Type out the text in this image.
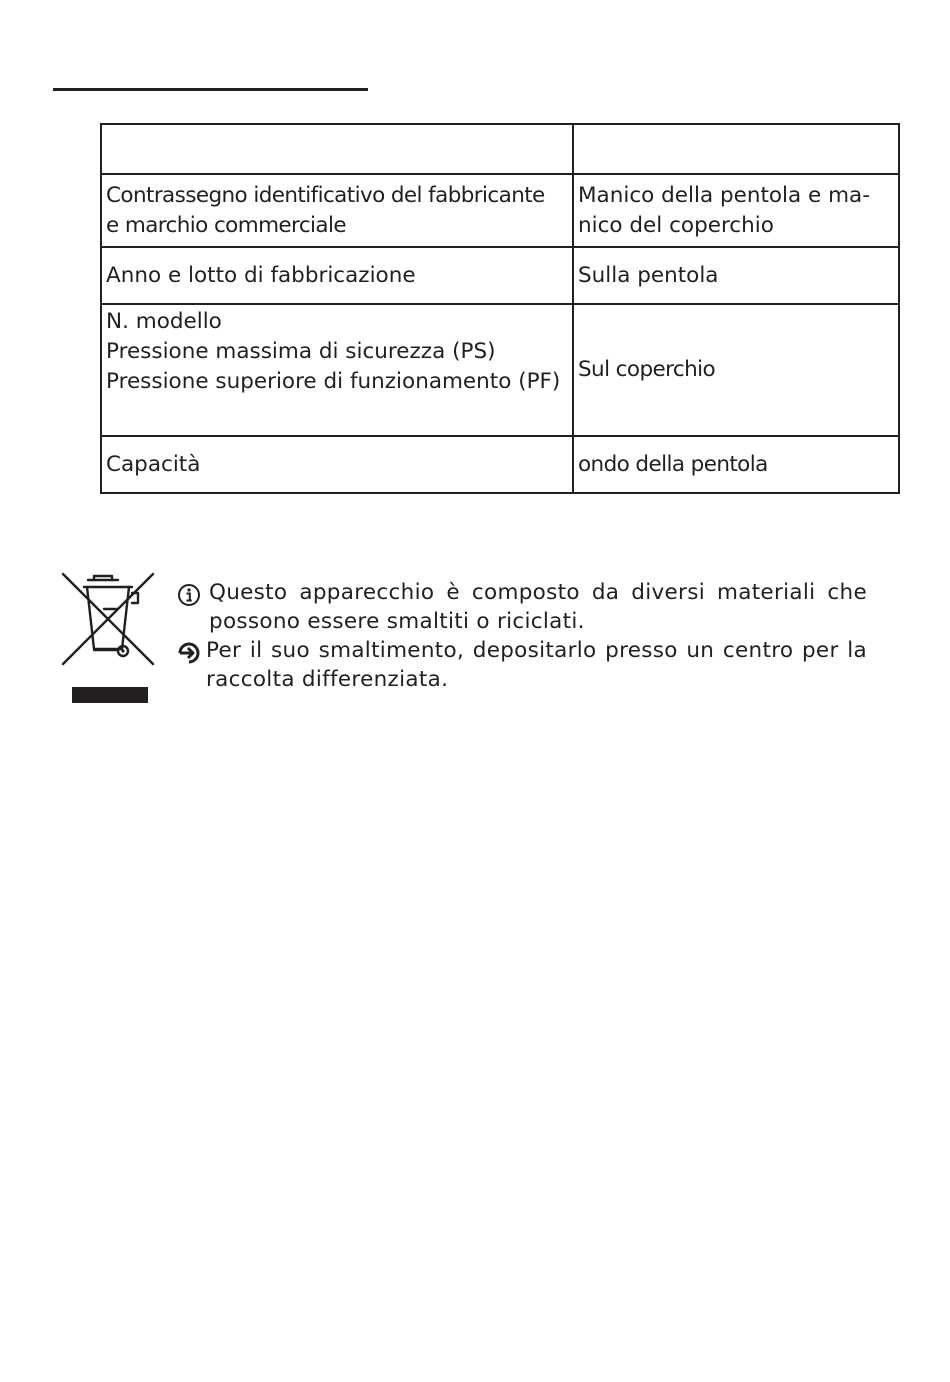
Contrassegno identificativo del fabbricante
e marchio commerciale	Manico della pentola e ma-
nico del coperchio
Anno e lotto di fabbricazione	Sulla pentola
N. modello
Pressione massima di sicurezza (PS)
Pressione superiore di funzionamento (PF)	Sul coperchio
Capacità	ondo della pentola
Questo apparecchio è composto da diversi materiali che possono essere smaltiti o riciclati.
Per il suo smaltimento, depositarlo presso un centro per la raccolta differenziata.
